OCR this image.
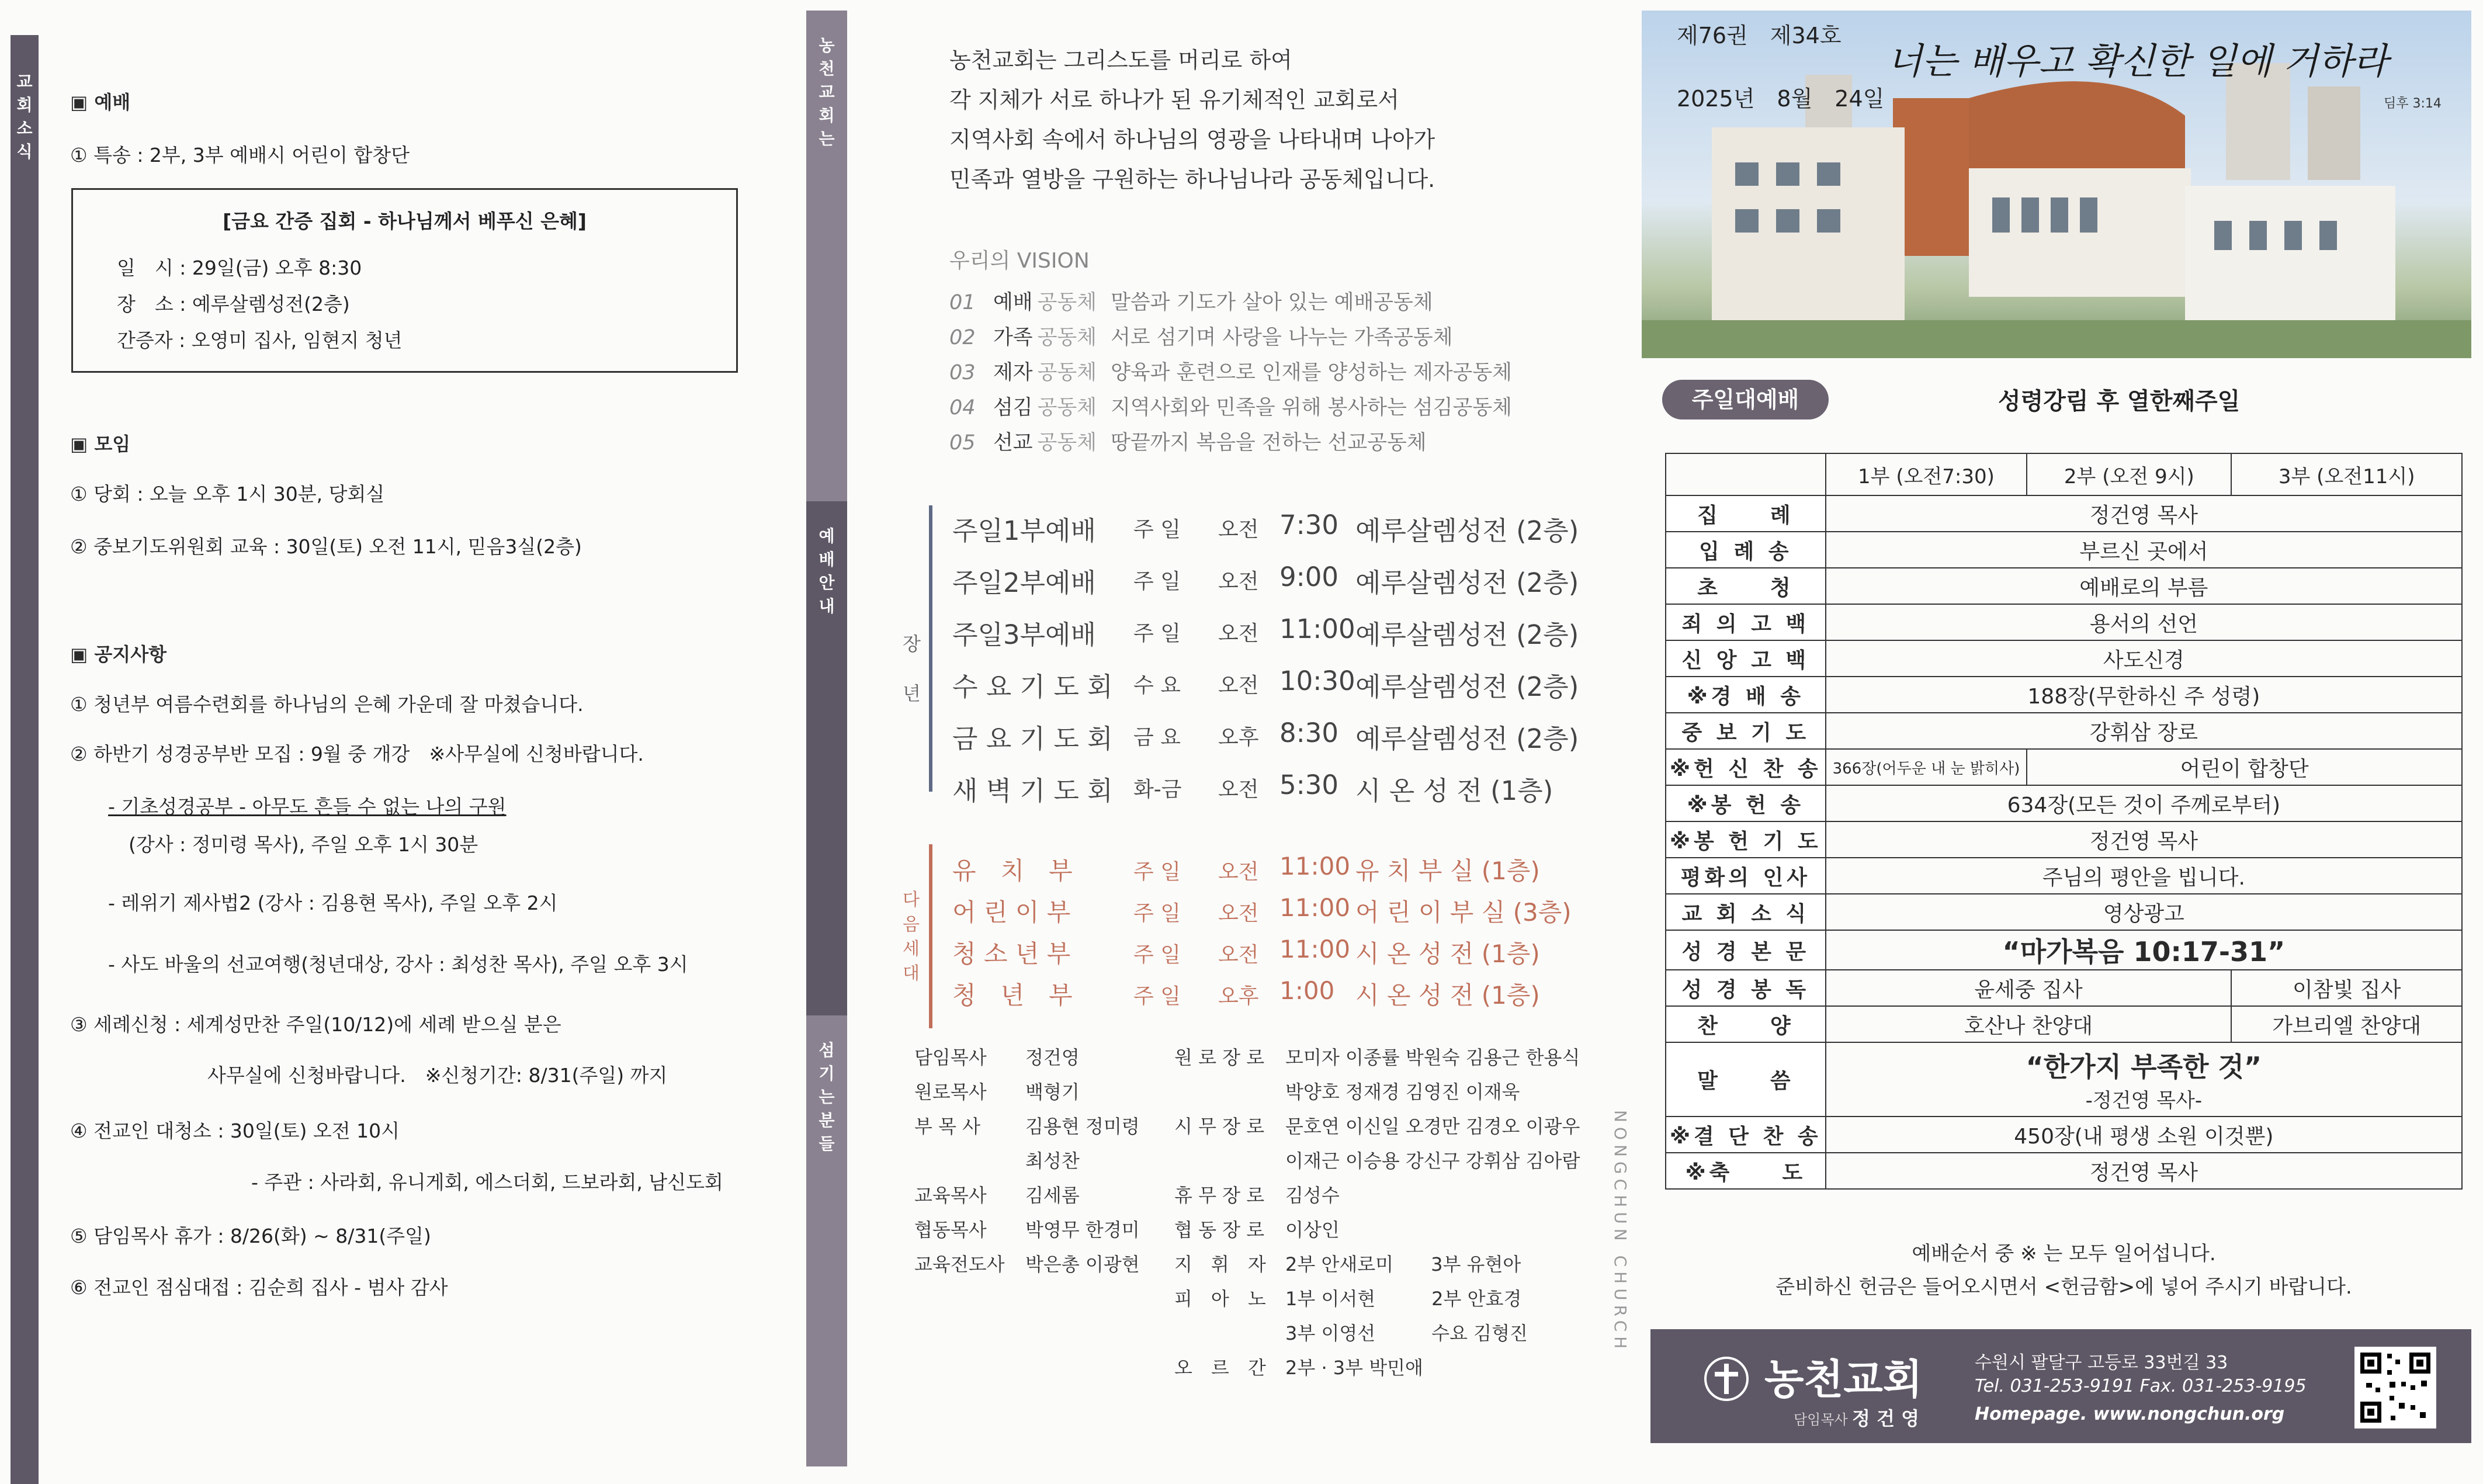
교
회
소
식
▣ 예배
① 특송 : 2부, 3부 예배시 어린이 합창단
[금요 간증 집회 - 하나님께서 베푸신 은혜]
일　시 : 29일(금) 오후 8:30
장　소 : 예루살렘성전(2층)
간증자 : 오영미 집사, 임현지 청년
▣ 모임
① 당회 : 오늘 오후 1시 30분, 당회실
② 중보기도위원회 교육 : 30일(토) 오전 11시, 믿음3실(2층)
▣ 공지사항
① 청년부 여름수련회를 하나님의 은혜 가운데 잘 마쳤습니다.
② 하반기 성경공부반 모집 : 9월 중 개강　※사무실에 신청바랍니다.
- 기초성경공부 - 아무도 흔들 수 없는 나의 구원
(강사 : 정미령 목사), 주일 오후 1시 30분
- 레위기 제사법2 (강사 : 김용현 목사), 주일 오후 2시
- 사도 바울의 선교여행(청년대상, 강사 : 최성찬 목사), 주일 오후 3시
③ 세례신청 : 세계성만찬 주일(10/12)에 세례 받으실 분은
사무실에 신청바랍니다.　※신청기간: 8/31(주일) 까지
④ 전교인 대청소 : 30일(토) 오전 10시
- 주관 : 사라회, 유니게회, 에스더회, 드보라회, 남신도회
⑤ 담임목사 휴가 : 8/26(화) ~ 8/31(주일)
⑥ 전교인 점심대접 : 김순희 집사 - 범사 감사
농
천
교
회
는
예
배
안
내
섬
기
는
분
들
농천교회는 그리스도를 머리로 하여
각 지체가 서로 하나가 된 유기체적인 교회로서
지역사회 속에서 하나님의 영광을 나타내며 나아가
민족과 열방을 구원하는 하나님나라 공동체입니다.
우리의 VISION
01 예배 공동체 말씀과 기도가 살아 있는 예배공동체
02 가족 공동체 서로 섬기며 사랑을 나누는 가족공동체
03 제자 공동체 양육과 훈련으로 인재를 양성하는 제자공동체
04 섬김 공동체 지역사회와 민족을 위해 봉사하는 섬김공동체
05 선교 공동체 땅끝까지 복음을 전하는 선교공동체
장
년
주일1부예배 주 일 오전 7:30 예루살렘성전 (2층)
주일2부예배 주 일 오전 9:00 예루살렘성전 (2층)
주일3부예배 주 일 오전 11:00 예루살렘성전 (2층)
수 요 기 도 회 수 요 오전 10:30 예루살렘성전 (2층)
금 요 기 도 회 금 요 오후 8:30 예루살렘성전 (2층)
새 벽 기 도 회 화-금 오전 5:30 시 온 성 전 (1층)
다
음
세
대
유　치　부	주 일 오전 11:00 유 치 부 실 (1층)
어 린 이 부	주 일 오전 11:00 어 린 이 부 실 (3층)
청 소 년 부	주 일 오전 11:00 시 온 성 전 (1층)
청　년　부	주 일 오후 1:00 시 온 성 전 (1층)
NONGCHUN CHURCH
담임목사 정건영
원로목사 백형기
부 목 사 김용현 정미령
최성찬
교육목사 김세롬
협동목사 박영무 한경미
교육전도사 박은총 이광현
원 로 장 로 모미자 이종률 박원숙 김용근 한용식
박양호 정재경 김영진 이재욱
시 무 장 로 문호연 이신일 오경만 김경오 이광우
이재근 이승용 강신구 강휘삼 김아람
휴 무 장 로 김성수
협 동 장 로 이상인
지　휘　자 2부 안새로미　　3부 유현아
피　아　노 1부 이서현　　　2부 안효경
3부 이영선　　　수요 김형진
오　르　간 2부 · 3부 박민애
제76권　제34호
2025년　8월　24일
너는 배우고 확신한 일에 거하라
딤후 3:14
주일대예배	성령강림 후 열한째주일
	1부 (오전7:30)	2부 (오전 9시)	3부 (오전11시)
집　　례	정건영 목사		
입 례 송	부르신 곳에서		
초　　청	예배로의 부름		
죄 의 고 백	용서의 선언		
신 앙 고 백	사도신경		
※경 배 송	188장(무한하신 주 성령)		
중 보 기 도	강휘삼 장로		
※헌 신 찬 송	366장(어두운 내 눈 밝히사)	어린이 합창단	
※봉 헌 송	634장(모든 것이 주께로부터)		
※봉 헌 기 도	정건영 목사		
평화의 인사	주님의 평안을 빕니다.		
교 회 소 식	영상광고		
성 경 본 문	“마가복음 10:17-31”		
성 경 봉 독	윤세중 집사		이참빛 집사
찬　　양	호산나 찬양대		가브리엘 찬양대
말　　씀	“한가지 부족한 것”
-정건영 목사-		

※결 단 찬 송	450장(내 평생 소원 이것뿐)		
※축　　도	정건영 목사		
예배순서 중 ※ 는 모두 일어섭니다.
준비하신 헌금은 들어오시면서 <헌금함>에 넣어 주시기 바랍니다.
농천교회
담임목사 정 건 영
수원시 팔달구 고등로 33번길 33
Tel. 031-253-9191 Fax. 031-253-9195
Homepage. www.nongchun.org
